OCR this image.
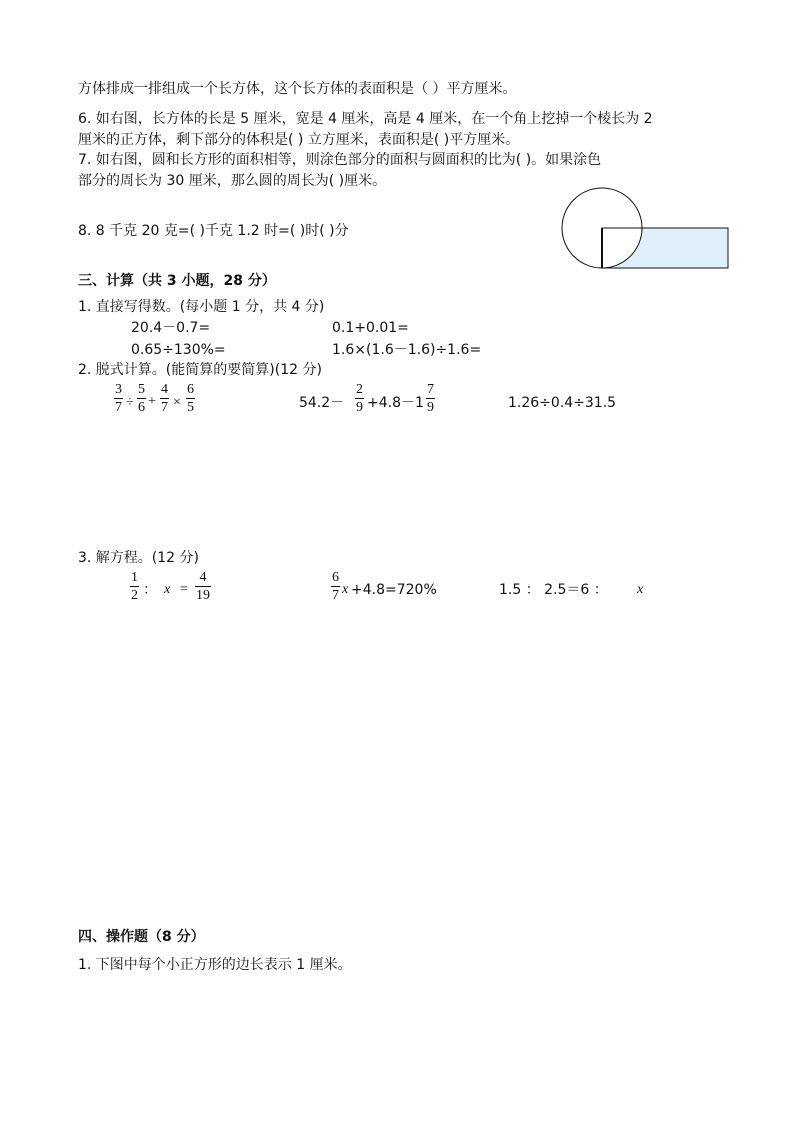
方体排成一排组成一个长方体，这个长方体的表面积是（ ）平方厘米。
6. 如右图，长方体的长是 5 厘米，宽是 4 厘米，高是 4 厘米，在一个角上挖掉一个棱长为 2
厘米的正方体，剩下部分的体积是( ) 立方厘米，表面积是( )平方厘米。
7. 如右图，圆和长方形的面积相等，则涂色部分的面积与圆面积的比为( )。如果涂色
部分的周长为 30 厘米，那么圆的周长为( )厘米。
8. 8 千克 20 克=( )千克 1.2 时=( )时( )分
三、计算（共 3 小题，28 分）
1. 直接写得数。(每小题 1 分，共 4 分)
20.4－0.7=	0.1+0.01=
0.65÷130%=	1.6×(1.6－1.6)÷1.6=
2. 脱式计算。(能简算的要简算)(12 分)
3
7 ÷
5
6 +
4
7 ×
6
5	54.2－
2
9 +4.8－1
7
9	1.26÷0.4÷31.5
3. 解方程。(12 分)
1
2 ： x =
4
19
6
7 x +4.8=720%	1.5 ： 2.5＝6 ： x
四、操作题（8 分）
1. 下图中每个小正方形的边长表示 1 厘米。
